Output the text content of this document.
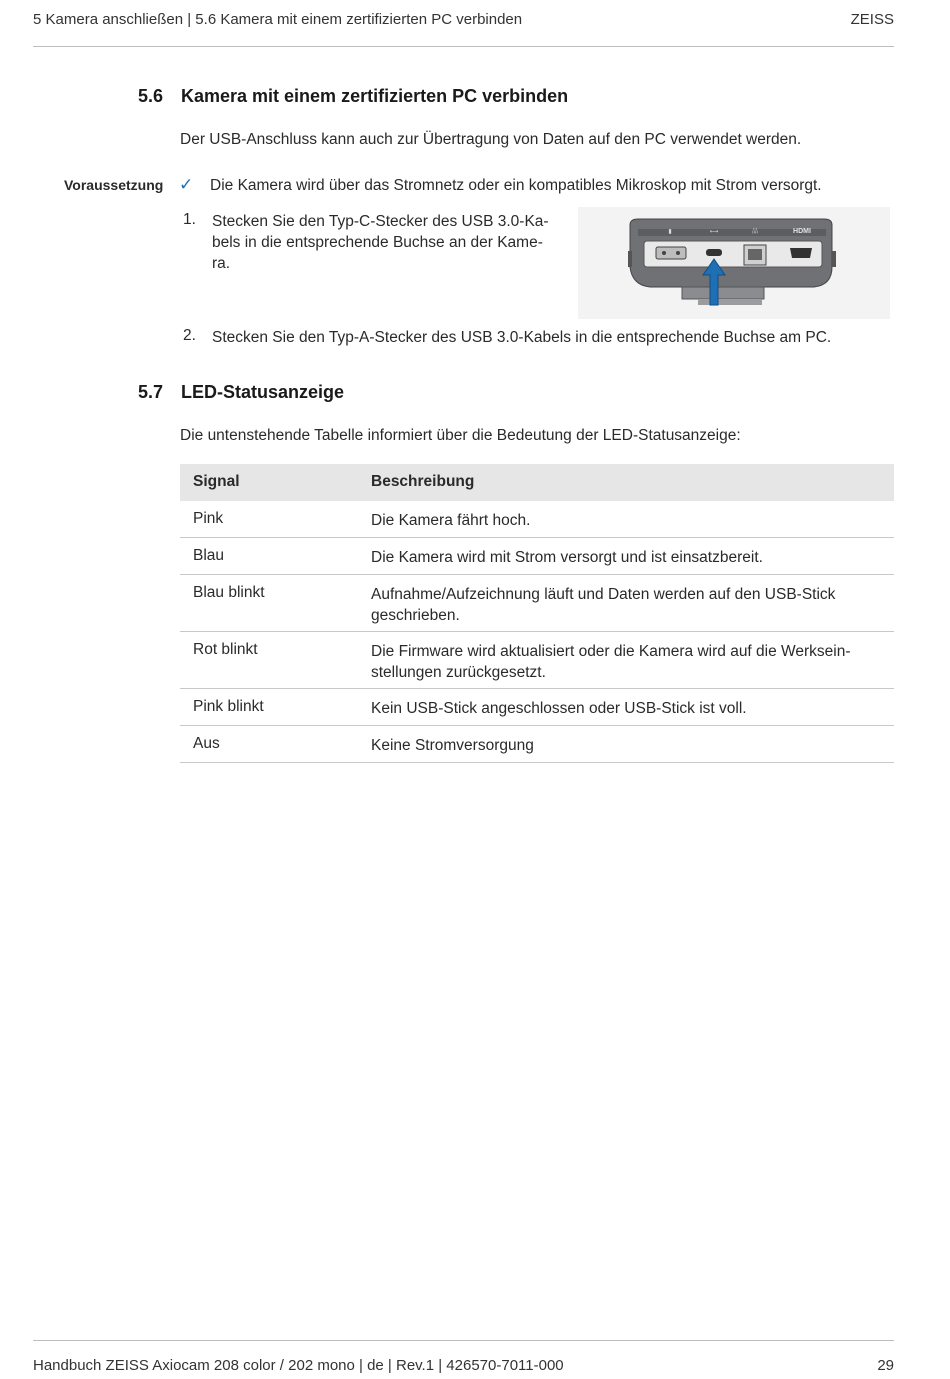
5 Kamera anschließen | 5.6 Kamera mit einem zertifizierten PC verbinden	ZEISS
5.6 Kamera mit einem zertifizierten PC verbinden
Der USB-Anschluss kann auch zur Übertragung von Daten auf den PC verwendet werden.
Voraussetzung ✓ Die Kamera wird über das Stromnetz oder ein kompatibles Mikroskop mit Strom versorgt.
1. Stecken Sie den Typ-C-Stecker des USB 3.0-Ka-
bels in die entsprechende Buchse an der Kame-
ra.
▮	⟷	品	HDMI
2. Stecken Sie den Typ-A-Stecker des USB 3.0-Kabels in die entsprechende Buchse am PC.
5.7 LED-Statusanzeige
Die untenstehende Tabelle informiert über die Bedeutung der LED-Statusanzeige:
Signal	Beschreibung
Pink	Die Kamera fährt hoch.
Blau	Die Kamera wird mit Strom versorgt und ist einsatzbereit.
Blau blinkt	Aufnahme/Aufzeichnung läuft und Daten werden auf den USB-Stick
geschrieben.
Rot blinkt	Die Firmware wird aktualisiert oder die Kamera wird auf die Werksein-
stellungen zurückgesetzt.
Pink blinkt	Kein USB-Stick angeschlossen oder USB-Stick ist voll.
Aus	Keine Stromversorgung
Handbuch ZEISS Axiocam 208 color / 202 mono | de | Rev.1 | 426570-7011-000	29
